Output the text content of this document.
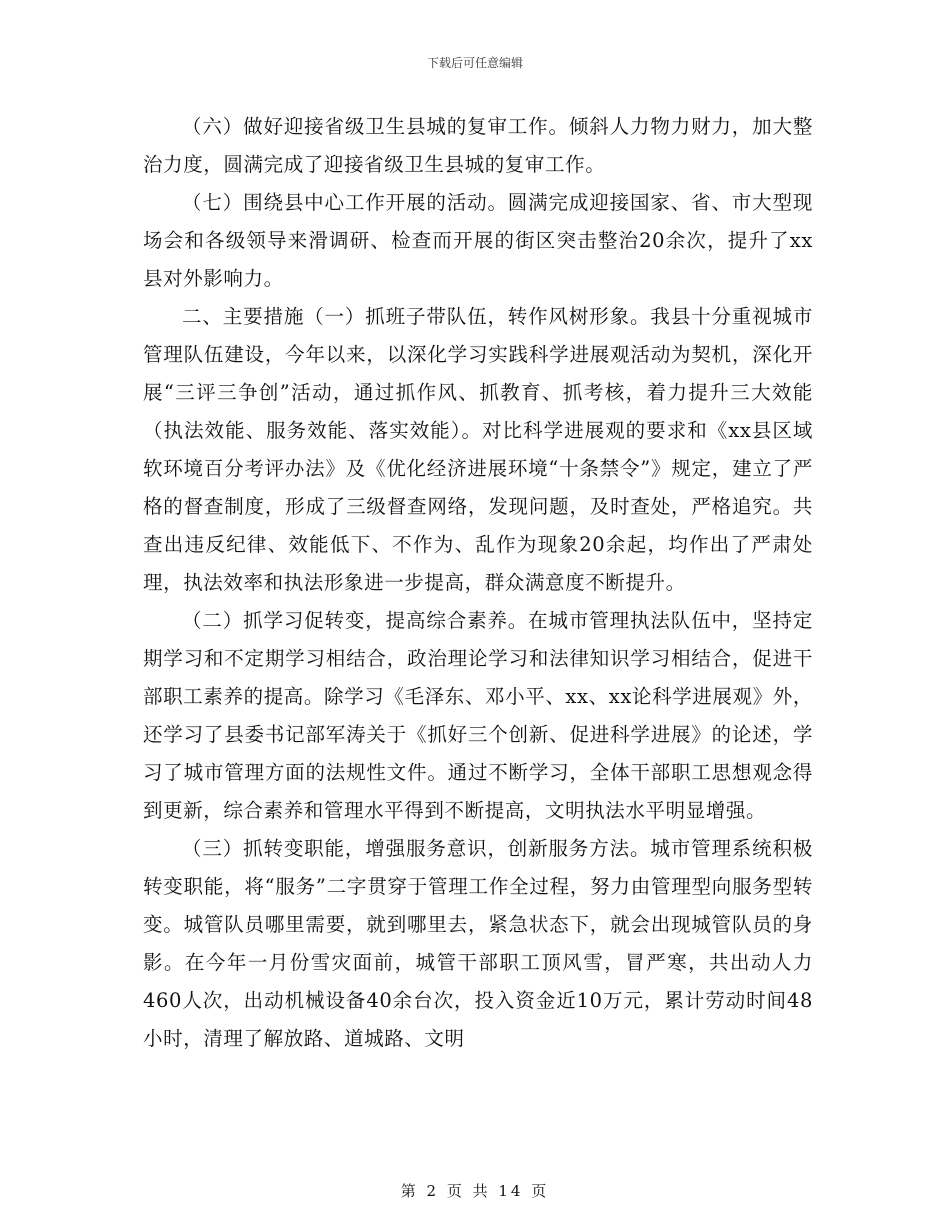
下载后可任意编辑

（六）做好迎接省级卫生县城的复审工作。倾斜人力物力财力，加大整治力度，圆满完成了迎接省级卫生县城的复审工作。

（七）围绕县中心工作开展的活动。圆满完成迎接国家、省、市大型现场会和各级领导来滑调研、检查而开展的街区突击整治20余次，提升了xx县对外影响力。

二、主要措施（一）抓班子带队伍，转作风树形象。我县十分重视城市管理队伍建设，今年以来，以深化学习实践科学进展观活动为契机，深化开展“三评三争创”活动，通过抓作风、抓教育、抓考核，着力提升三大效能（执法效能、服务效能、落实效能）。对比科学进展观的要求和《xx县区域软环境百分考评办法》及《优化经济进展环境“十条禁令”》规定，建立了严格的督查制度，形成了三级督查网络，发现问题，及时查处，严格追究。共查出违反纪律、效能低下、不作为、乱作为现象20余起，均作出了严肃处理，执法效率和执法形象进一步提高，群众满意度不断提升。

（二）抓学习促转变，提高综合素养。在城市管理执法队伍中，坚持定期学习和不定期学习相结合，政治理论学习和法律知识学习相结合，促进干部职工素养的提高。除学习《毛泽东、邓小平、xx、xx论科学进展观》外，还学习了县委书记部军涛关于《抓好三个创新、促进科学进展》的论述，学习了城市管理方面的法规性文件。通过不断学习，全体干部职工思想观念得到更新，综合素养和管理水平得到不断提高，文明执法水平明显增强。

（三）抓转变职能，增强服务意识，创新服务方法。城市管理系统积极转变职能，将“服务”二字贯穿于管理工作全过程，努力由管理型向服务型转变。城管队员哪里需要，就到哪里去，紧急状态下，就会出现城管队员的身影。在今年一月份雪灾面前，城管干部职工顶风雪，冒严寒，共出动人力460人次，出动机械设备40余台次，投入资金近10万元，累计劳动时间48小时，清理了解放路、道城路、文明

第 2 页 共 14 页
